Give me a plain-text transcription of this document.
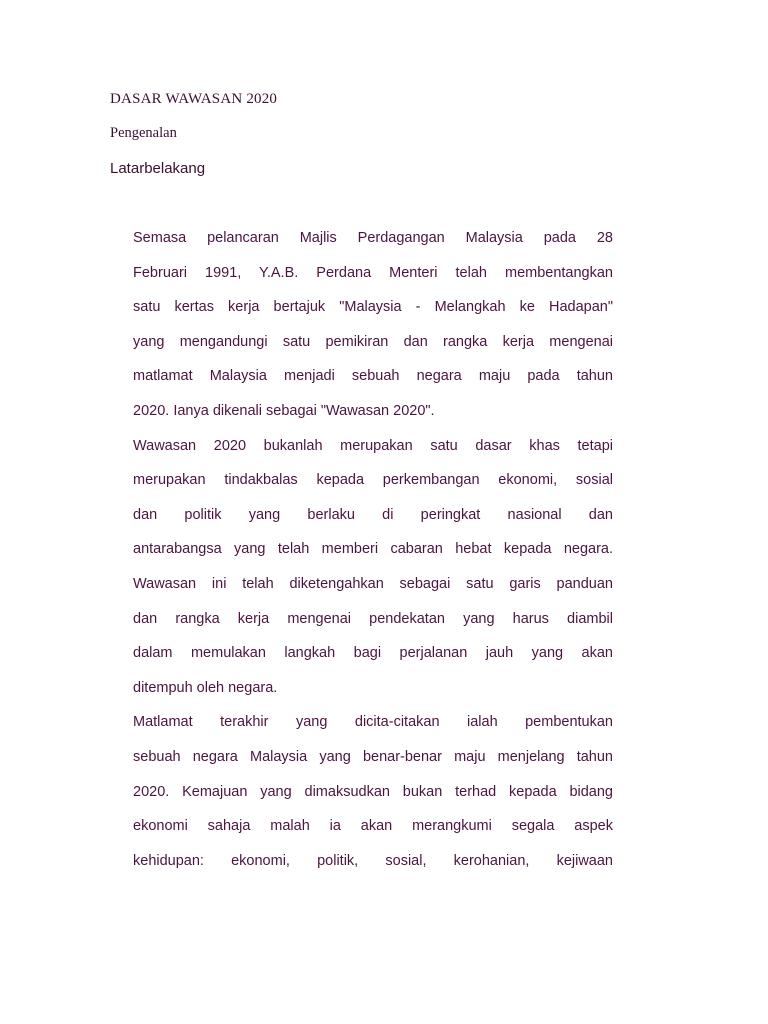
DASAR WAWASAN 2020
Pengenalan
Latarbelakang
Semasa pelancaran Majlis Perdagangan Malaysia pada 28
Februari 1991, Y.A.B. Perdana Menteri telah membentangkan
satu kertas kerja bertajuk "Malaysia - Melangkah ke Hadapan"
yang mengandungi satu pemikiran dan rangka kerja mengenai
matlamat Malaysia menjadi sebuah negara maju pada tahun
2020. Ianya dikenali sebagai "Wawasan 2020".
Wawasan 2020 bukanlah merupakan satu dasar khas tetapi
merupakan tindakbalas kepada perkembangan ekonomi, sosial
dan politik yang berlaku di peringkat nasional dan
antarabangsa yang telah memberi cabaran hebat kepada negara.
Wawasan ini telah diketengahkan sebagai satu garis panduan
dan rangka kerja mengenai pendekatan yang harus diambil
dalam memulakan langkah bagi perjalanan jauh yang akan
ditempuh oleh negara.
Matlamat terakhir yang dicita-citakan ialah pembentukan
sebuah negara Malaysia yang benar-benar maju menjelang tahun
2020. Kemajuan yang dimaksudkan bukan terhad kepada bidang
ekonomi sahaja malah ia akan merangkumi segala aspek
kehidupan: ekonomi, politik, sosial, kerohanian, kejiwaan
